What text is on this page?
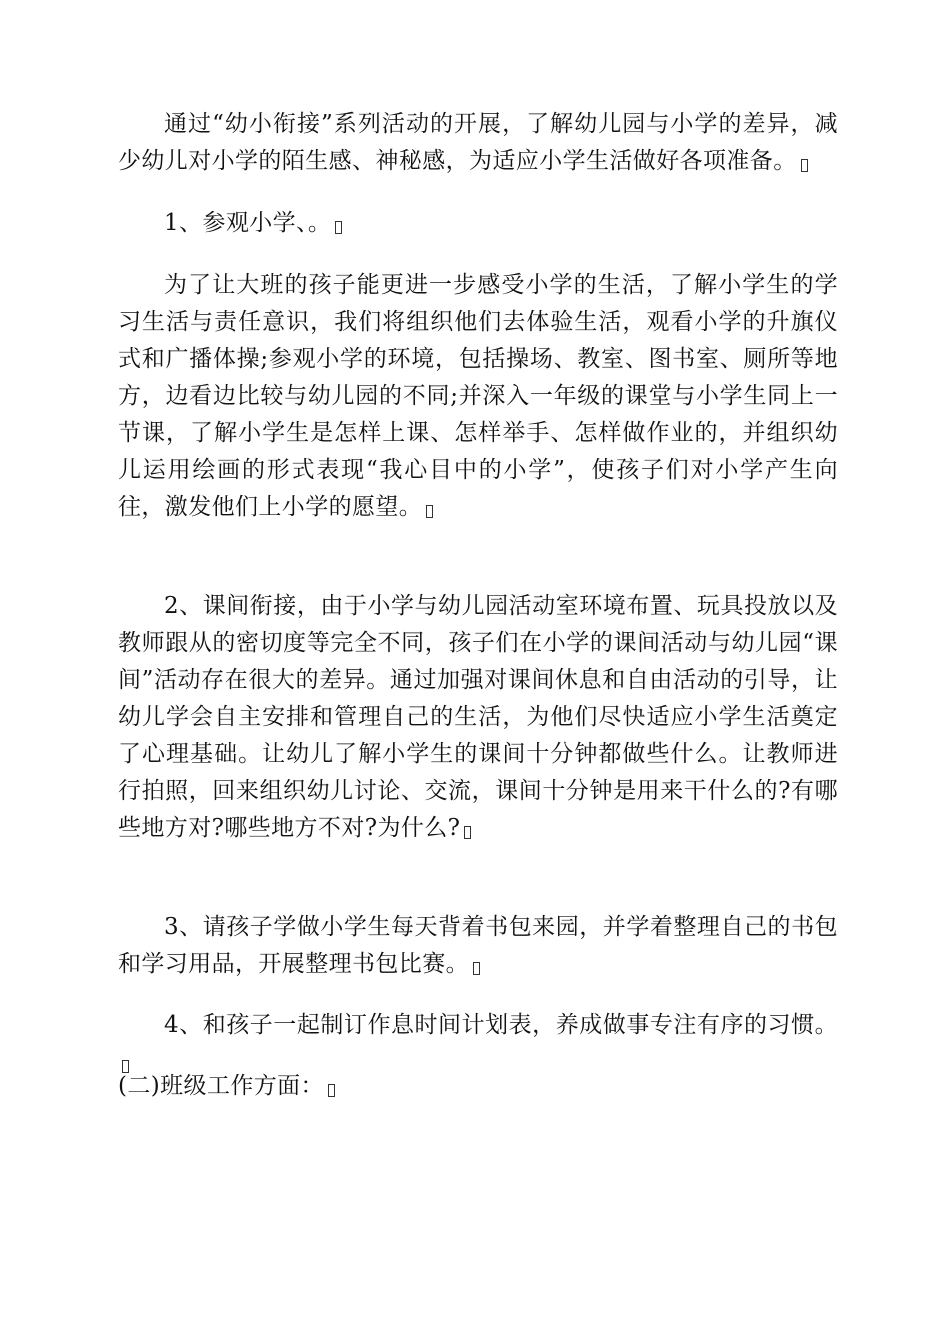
通过“幼小衔接”系列活动的开展，了解幼儿园与小学的差异，减少幼儿对小学的陌生感、神秘感，为适应小学生活做好各项准备。

1、参观小学、。

为了让大班的孩子能更进一步感受小学的生活，了解小学生的学习生活与责任意识，我们将组织他们去体验生活，观看小学的升旗仪式和广播体操;参观小学的环境，包括操场、教室、图书室、厕所等地方，边看边比较与幼儿园的不同;并深入一年级的课堂与小学生同上一节课，了解小学生是怎样上课、怎样举手、怎样做作业的，并组织幼儿运用绘画的形式表现“我心目中的小学”，使孩子们对小学产生向往，激发他们上小学的愿望。

2、课间衔接，由于小学与幼儿园活动室环境布置、玩具投放以及教师跟从的密切度等完全不同，孩子们在小学的课间活动与幼儿园“课间”活动存在很大的差异。通过加强对课间休息和自由活动的引导，让幼儿学会自主安排和管理自己的生活，为他们尽快适应小学生活奠定了心理基础。让幼儿了解小学生的课间十分钟都做些什么。让教师进行拍照，回来组织幼儿讨论、交流，课间十分钟是用来干什么的?有哪些地方对?哪些地方不对?为什么?

3、请孩子学做小学生每天背着书包来园，并学着整理自己的书包和学习用品，开展整理书包比赛。

4、和孩子一起制订作息时间计划表，养成做事专注有序的习惯。

(二)班级工作方面：
